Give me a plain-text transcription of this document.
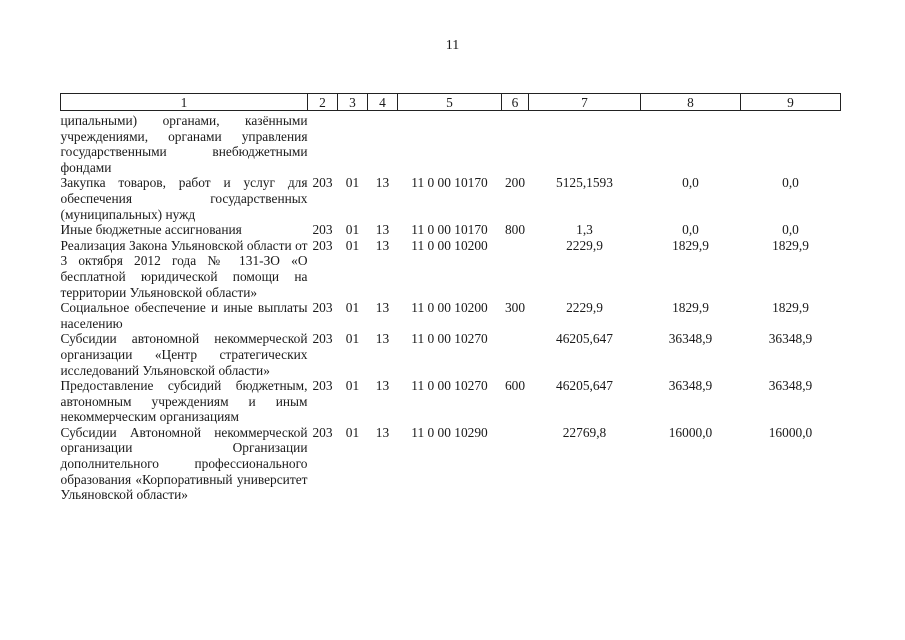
11
1	2	3	4	5	6	7	8	9
ципальными) органами, казёнными учреждениями, органами управления государственными внебюджетными фондами								
Закупка товаров, работ и услуг для обеспечения государственных (муниципальных) нужд	203	01	13	11 0 00 10170	200	5125,1593	0,0	0,0
Иные бюджетные ассигнования	203	01	13	11 0 00 10170	800	1,3	0,0	0,0
Реализация Закона Ульяновской области от 3 октября 2012 года № 131-ЗО «О бесплатной юридической помощи на территории Ульяновской области»	203	01	13	11 0 00 10200		2229,9	1829,9	1829,9
Социальное обеспечение и иные выплаты населению	203	01	13	11 0 00 10200	300	2229,9	1829,9	1829,9
Субсидии автономной некоммерческой организации «Центр стратегических исследований Ульяновской области»	203	01	13	11 0 00 10270		46205,647	36348,9	36348,9
Предоставление субсидий бюджетным, автономным учреждениям и иным некоммерческим организациям	203	01	13	11 0 00 10270	600	46205,647	36348,9	36348,9
Субсидии Автономной некоммерческой организации Организации дополнительного профессионального образования «Корпоративный университет Ульяновской области»	203	01	13	11 0 00 10290		22769,8	16000,0	16000,0
